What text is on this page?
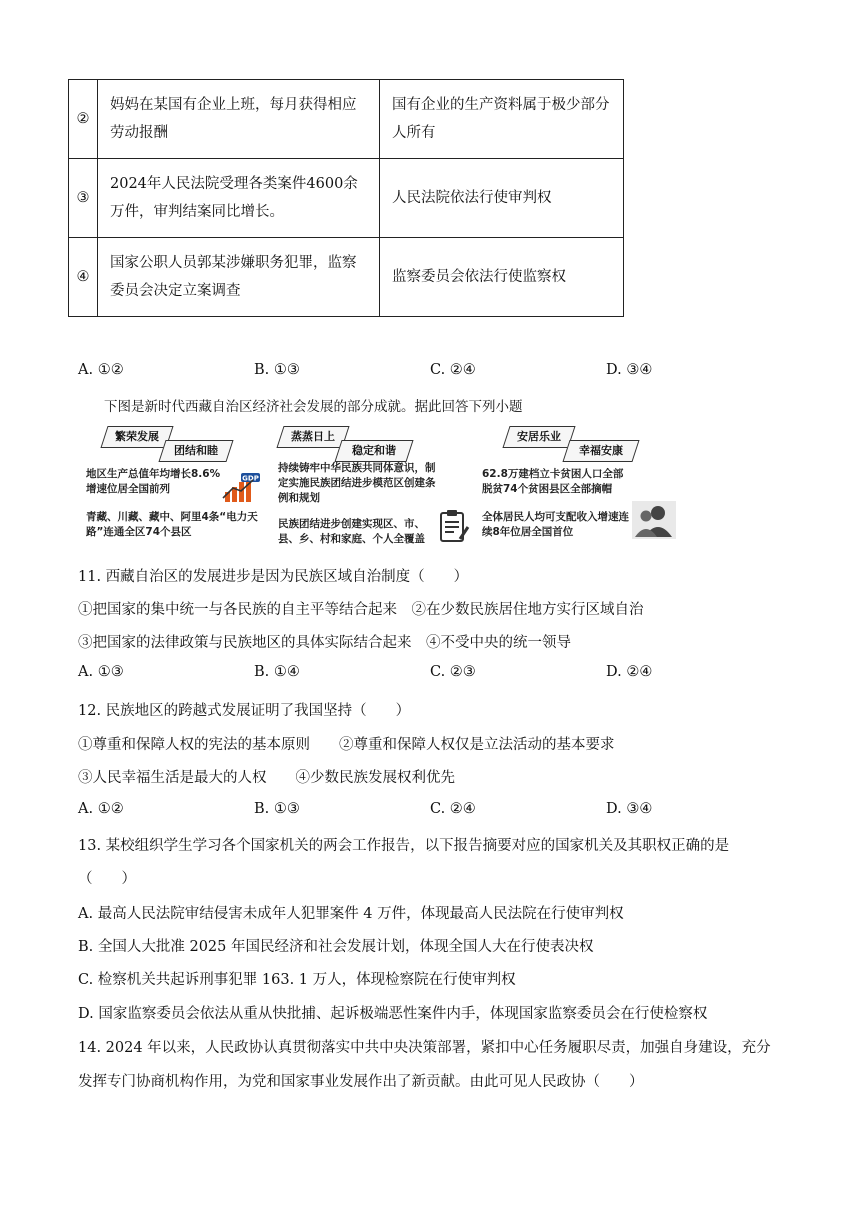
②	妈妈在某国有企业上班，每月获得相应劳动报酬	国有企业的生产资料属于极少部分人所有
③	2024年人民法院受理各类案件4600余万件，审判结案同比增长。	人民法院依法行使审判权
④	国家公职人员郭某涉嫌职务犯罪，监察委员会决定立案调查	监察委员会依法行使监察权
A. ①②	B. ①③	C. ②④	D. ③④
下图是新时代西藏自治区经济社会发展的部分成就。据此回答下列小题
繁荣发展
团结和睦
地区生产总值年均增长8.6%增速位居全国前列
GDP
青藏、川藏、藏中、阿里4条“电力天路”连通全区74个县区
蒸蒸日上
稳定和谐
持续铸牢中华民族共同体意识，制定实施民族团结进步模范区创建条例和规划
民族团结进步创建实现区、市、县、乡、村和家庭、个人全覆盖
安居乐业
幸福安康
62.8万建档立卡贫困人口全部脱贫74个贫困县区全部摘帽
全体居民人均可支配收入增速连续8年位居全国首位
11. 西藏自治区的发展进步是因为民族区域自治制度（　　）
①把国家的集中统一与各民族的自主平等结合起来　②在少数民族居住地方实行区域自治
③把国家的法律政策与民族地区的具体实际结合起来　④不受中央的统一领导
A. ①③	B. ①④	C. ②③	D. ②④
12. 民族地区的跨越式发展证明了我国坚持（　　）
①尊重和保障人权的宪法的基本原则　　②尊重和保障人权仅是立法活动的基本要求
③人民幸福生活是最大的人权　　④少数民族发展权利优先
A. ①②	B. ①③	C. ②④	D. ③④
13. 某校组织学生学习各个国家机关的两会工作报告，以下报告摘要对应的国家机关及其职权正确的是
（　　）
A. 最高人民法院审结侵害未成年人犯罪案件 4 万件，体现最高人民法院在行使审判权
B. 全国人大批准 2025 年国民经济和社会发展计划，体现全国人大在行使表决权
C. 检察机关共起诉刑事犯罪 163. 1 万人，体现检察院在行使审判权
D. 国家监察委员会依法从重从快批捕、起诉极端恶性案件内手，体现国家监察委员会在行使检察权
14. 2024 年以来，人民政协认真贯彻落实中共中央决策部署，紧扣中心任务履职尽责，加强自身建设，充分
发挥专门协商机构作用，为党和国家事业发展作出了新贡献。由此可见人民政协（　　）
